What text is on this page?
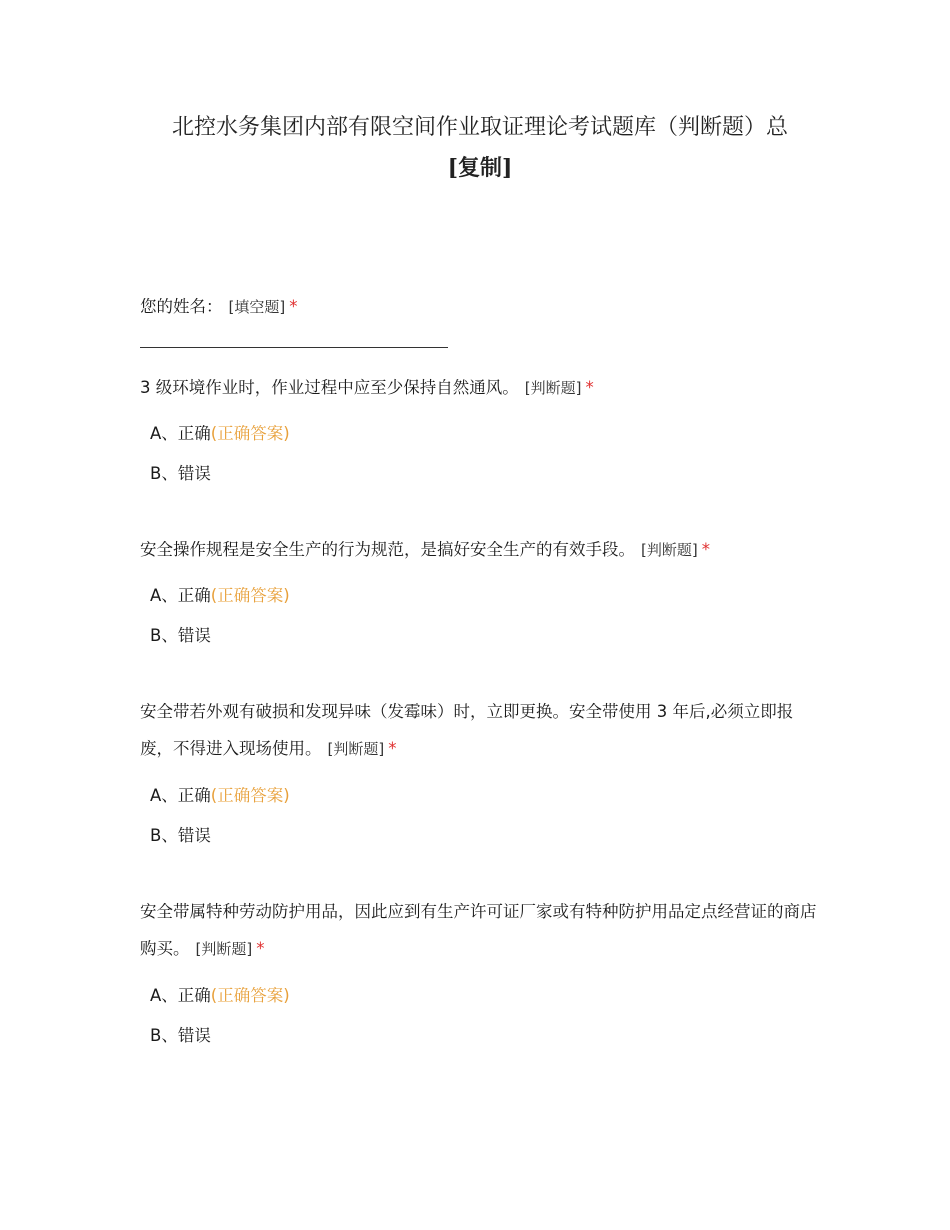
北控水务集团内部有限空间作业取证理论考试题库（判断题）总[复制]
您的姓名： [填空题] *
3 级环境作业时，作业过程中应至少保持自然通风。 [判断题] *
A、正确(正确答案)
B、错误
安全操作规程是安全生产的行为规范，是搞好安全生产的有效手段。 [判断题] *
A、正确(正确答案)
B、错误
安全带若外观有破损和发现异味（发霉味）时，立即更换。安全带使用 3 年后,必须立即报废，不得进入现场使用。 [判断题] *
A、正确(正确答案)
B、错误
安全带属特种劳动防护用品，因此应到有生产许可证厂家或有特种防护用品定点经营证的商店购买。 [判断题] *
A、正确(正确答案)
B、错误
